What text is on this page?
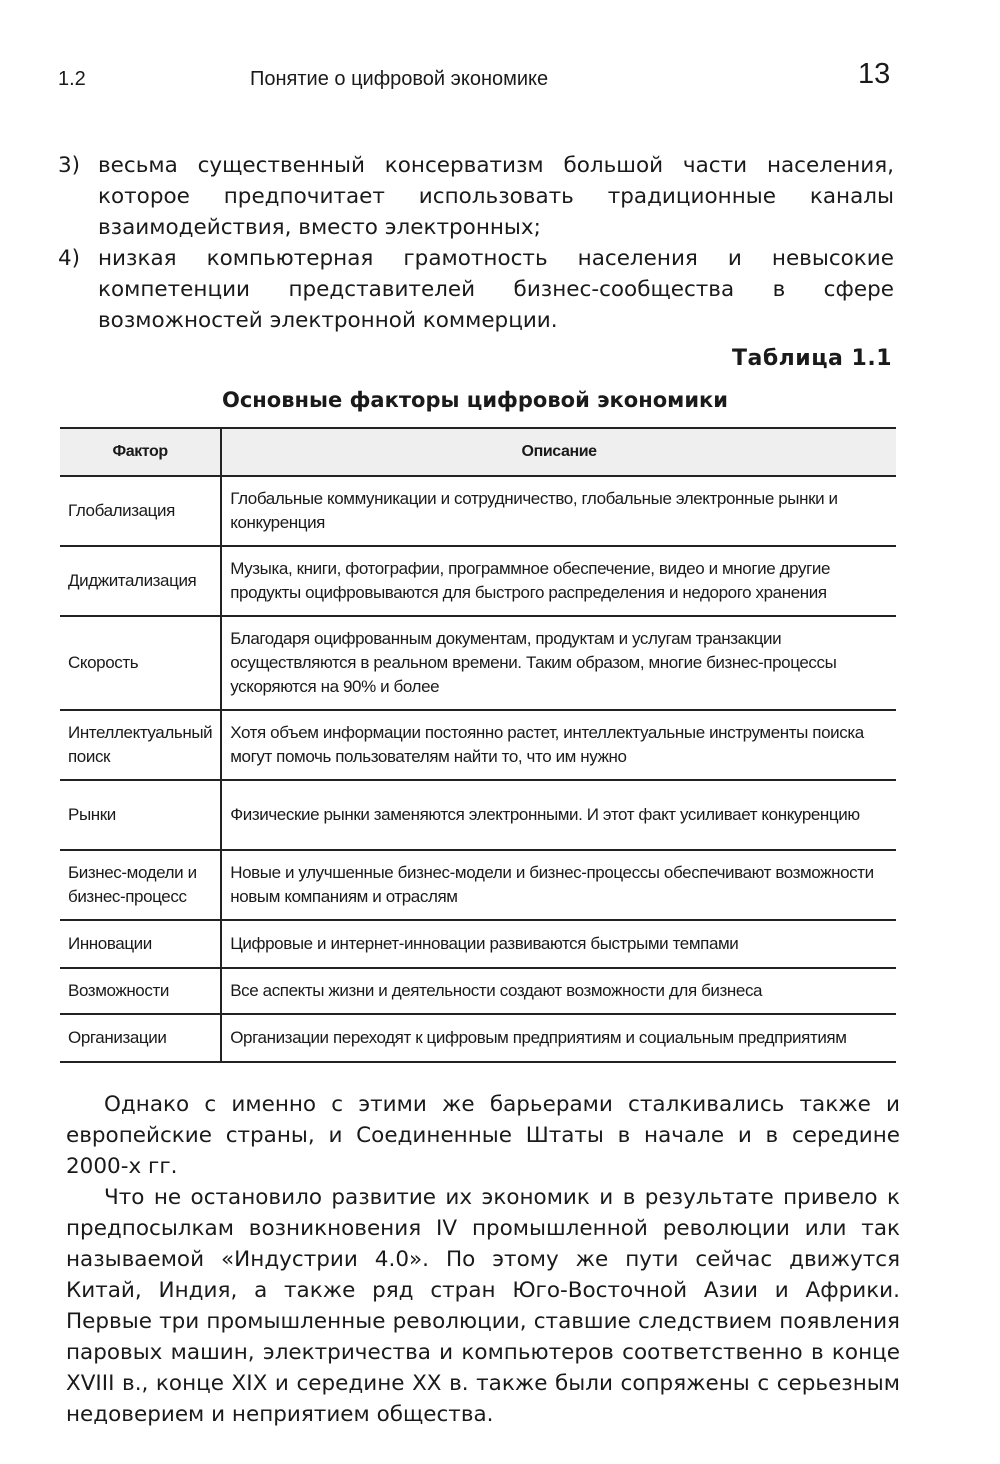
1.2	Понятие о цифровой экономике	13
3) весьма существенный консерватизм большой части населения, которое предпочитает использовать традиционные каналы взаимодействия, вместо электронных;
4) низкая компьютерная грамотность населения и невысокие компетенции представителей бизнес-сообщества в сфере возможностей электронной коммерции.
Таблица 1.1
Основные факторы цифровой экономики
Фактор	Описание
Глобализация	Глобальные коммуникации и сотрудничество, глобальные электронные рынки и конкуренция
Диджитализация	Музыка, книги, фотографии, программное обеспечение, видео и многие другие продукты оцифровываются для быстрого распределения и недорого хранения
Скорость	Благодаря оцифрованным документам, продуктам и услугам транзакции осуществляются в реальном времени. Таким образом, многие бизнес-процессы ускоряются на 90% и более
Интеллектуальный поиск	Хотя объем информации постоянно растет, интеллектуальные инструменты поиска могут помочь пользователям найти то, что им нужно
Рынки	Физические рынки заменяются электронными. И этот факт усиливает конкуренцию
Бизнес-модели и бизнес-процесс	Новые и улучшенные бизнес-модели и бизнес-процессы обеспечивают возможности новым компаниям и отраслям
Инновации	Цифровые и интернет-инновации развиваются быстрыми темпами
Возможности	Все аспекты жизни и деятельности создают возможности для бизнеса
Организации	Организации переходят к цифровым предприятиям и социальным предприятиям

Однако с именно с этими же барьерами сталкивались также и европейские страны, и Соединенные Штаты в начале и в середине 2000-х гг.

Что не остановило развитие их экономик и в результате привело к предпосылкам возникновения IV промышленной революции или так называемой «Индустрии 4.0». По этому же пути сейчас движутся Китай, Индия, а также ряд стран Юго-Восточной Азии и Африки. Первые три промышленные революции, ставшие следствием появления паровых машин, электричества и компьютеров соответственно в конце XVIII в., конце XIX и середине XX в. также были сопряжены с серьезным недоверием и неприятием общества.
